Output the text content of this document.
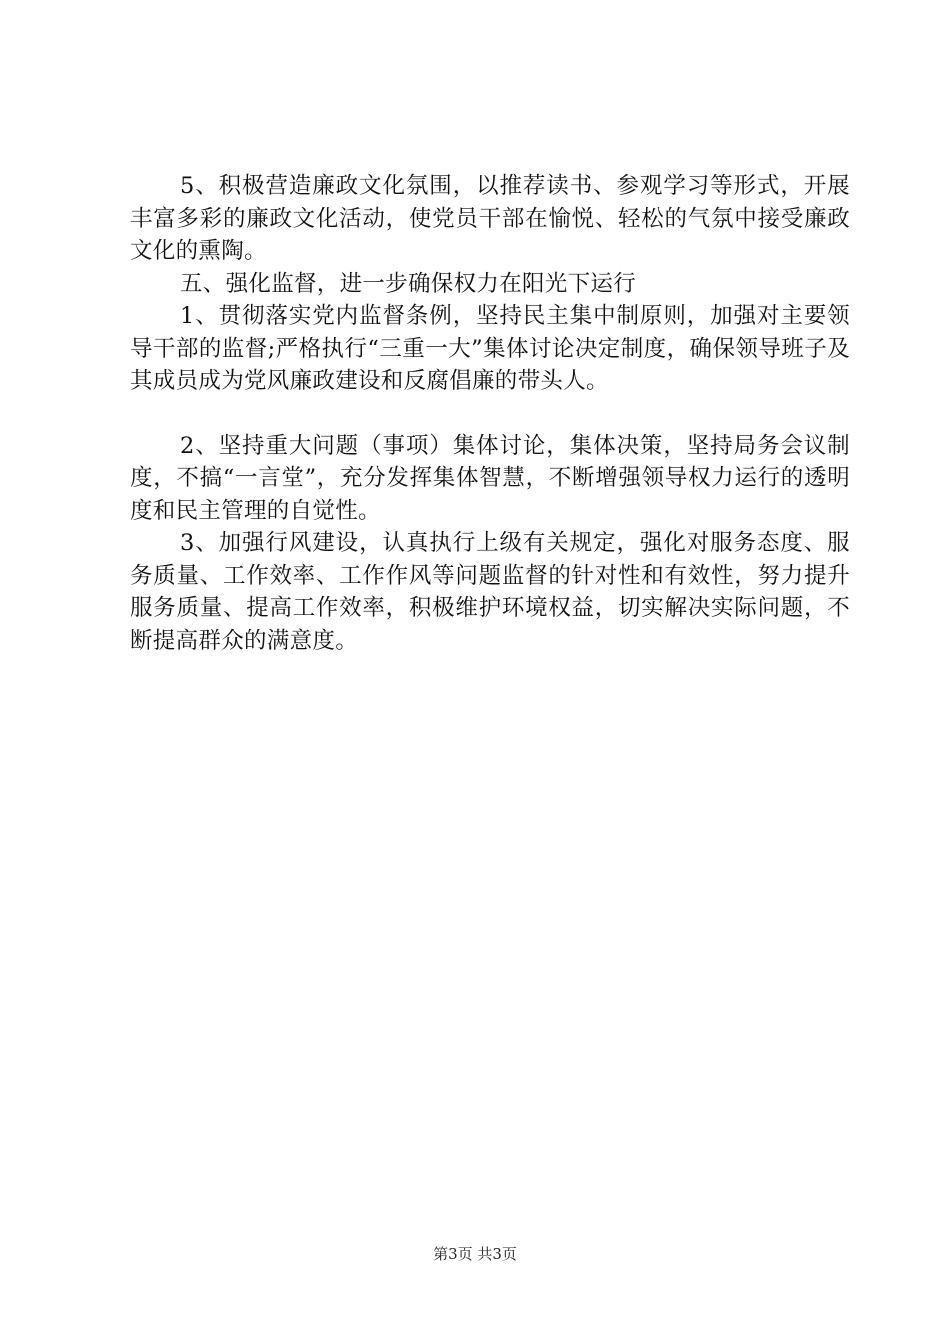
5、积极营造廉政文化氛围，以推荐读书、参观学习等形式，开展丰富多彩的廉政文化活动，使党员干部在愉悦、轻松的气氛中接受廉政文化的熏陶。

五、强化监督，进一步确保权力在阳光下运行

1、贯彻落实党内监督条例，坚持民主集中制原则，加强对主要领导干部的监督;严格执行“三重一大”集体讨论决定制度，确保领导班子及其成员成为党风廉政建设和反腐倡廉的带头人。

2、坚持重大问题（事项）集体讨论，集体决策，坚持局务会议制度，不搞“一言堂”，充分发挥集体智慧，不断增强领导权力运行的透明度和民主管理的自觉性。

3、加强行风建设，认真执行上级有关规定，强化对服务态度、服务质量、工作效率、工作作风等问题监督的针对性和有效性，努力提升服务质量、提高工作效率，积极维护环境权益，切实解决实际问题，不断提高群众的满意度。

第3页 共3页
